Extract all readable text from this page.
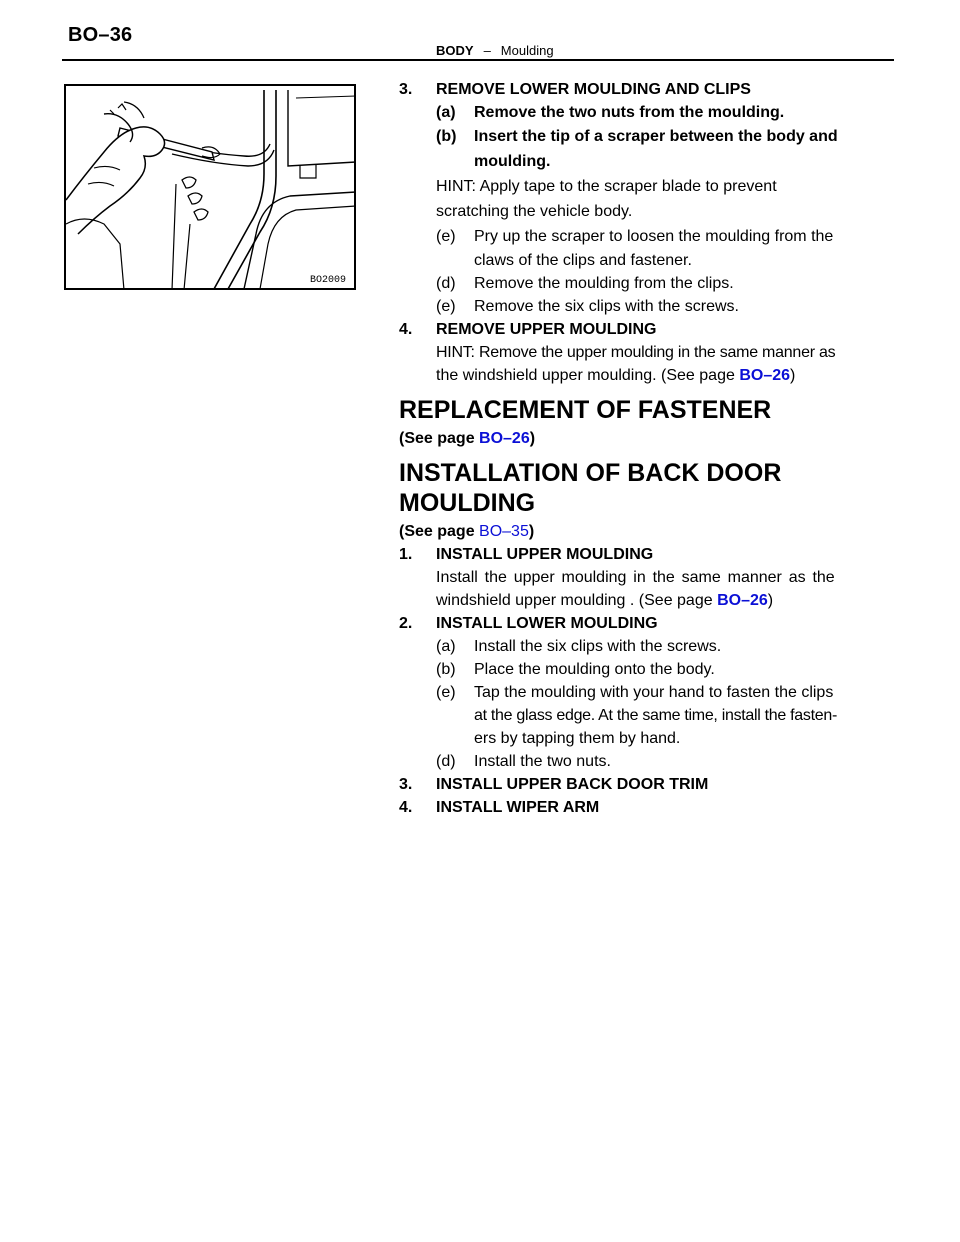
BO–36
BODY – Moulding
BO2009
3. REMOVE LOWER MOULDING AND CLIPS
(a) Remove the two nuts from the moulding.
(b) Insert the tip of a scraper between the body and
moulding.
HINT: Apply tape to the scraper blade to prevent
scratching the vehicle body.
(e) Pry up the scraper to loosen the moulding from the
claws of the clips and fastener.
(d) Remove the moulding from the clips.
(e) Remove the six clips with the screws.
4. REMOVE UPPER MOULDING
HINT: Remove the upper moulding in the same manner as
the windshield upper moulding. (See page BO–26)
REPLACEMENT OF FASTENER
(See page BO–26)
INSTALLATION OF BACK DOOR
MOULDING
(See page BO–35)
1. INSTALL UPPER MOULDING
Install the upper moulding in the same manner as the
windshield upper moulding . (See page BO–26)
2. INSTALL LOWER MOULDING
(a) Install the six clips with the screws.
(b) Place the moulding onto the body.
(e) Tap the moulding with your hand to fasten the clips
at the glass edge. At the same time, install the fasten-
ers by tapping them by hand.
(d) Install the two nuts.
3. INSTALL UPPER BACK DOOR TRIM
4. INSTALL WIPER ARM
